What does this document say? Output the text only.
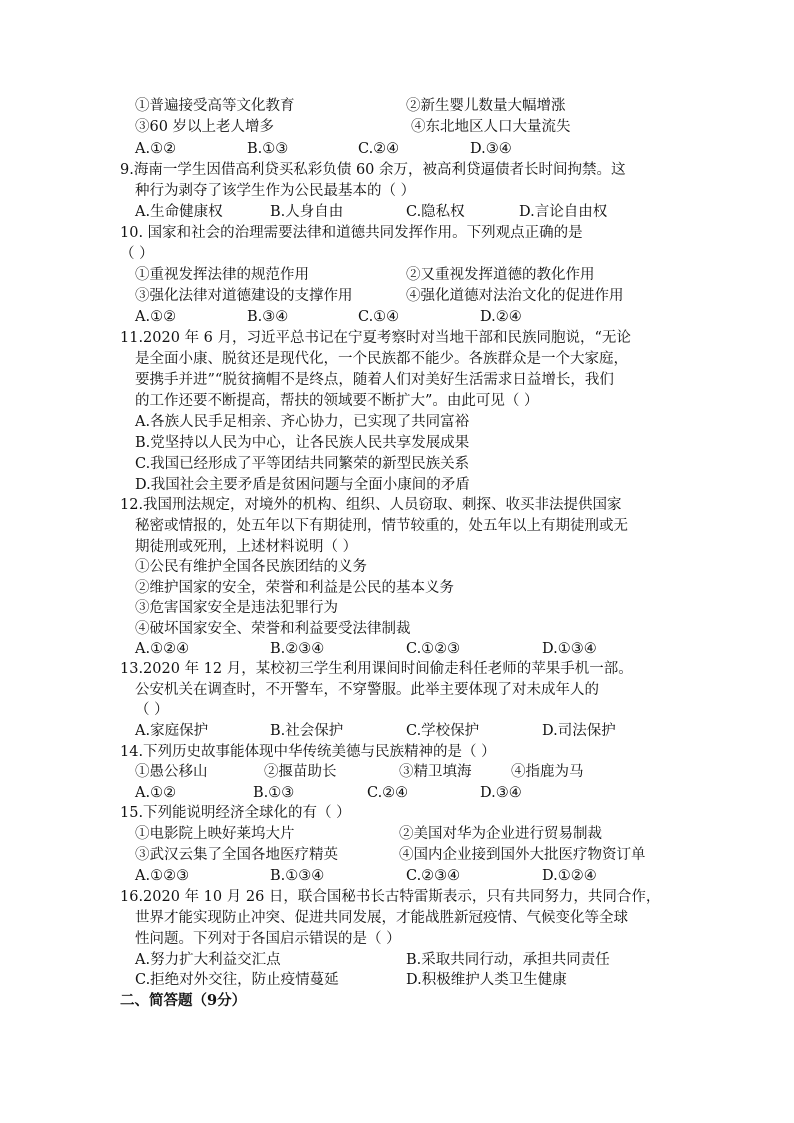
①普遍接受高等文化教育	②新生婴儿数量大幅增涨
③60 岁以上老人增多	④东北地区人口大量流失
A.①②	B.①③	C.②④	D.③④
9.海南一学生因借高利贷买私彩负债 60 余万，被高利贷逼债者长时间拘禁。这
种行为剥夺了该学生作为公民最基本的（ ）
A.生命健康权	B.人身自由	C.隐私权	D.言论自由权
10. 国家和社会的治理需要法律和道德共同发挥作用。下列观点正确的是
（ ）
①重视发挥法律的规范作用	②又重视发挥道德的教化作用
③强化法律对道德建设的支撑作用	④强化道德对法治文化的促进作用
A.①②	B.③④	C.①④	D.②④
11.2020 年 6 月，习近平总书记在宁夏考察时对当地干部和民族同胞说，“无论
是全面小康、脱贫还是现代化，一个民族都不能少。各族群众是一个大家庭，
要携手并进”“脱贫摘帽不是终点，随着人们对美好生活需求日益增长，我们
的工作还要不断提高，帮扶的领域要不断扩大”。由此可见（ ）
A.各族人民手足相亲、齐心协力，已实现了共同富裕
B.党坚持以人民为中心，让各民族人民共享发展成果
C.我国已经形成了平等团结共同繁荣的新型民族关系
D.我国社会主要矛盾是贫困问题与全面小康间的矛盾
12.我国刑法规定，对境外的机构、组织、人员窃取、刺探、收买非法提供国家
秘密或情报的，处五年以下有期徒刑，情节较重的，处五年以上有期徒刑或无
期徒刑或死刑，上述材料说明（ ）
①公民有维护全国各民族团结的义务
②维护国家的安全，荣誉和利益是公民的基本义务
③危害国家安全是违法犯罪行为
④破坏国家安全、荣誉和利益要受法律制裁
A.①②④	B.②③④	C.①②③	D.①③④
13.2020 年 12 月，某校初三学生利用课间时间偷走科任老师的苹果手机一部。
公安机关在调查时，不开警车，不穿警服。此举主要体现了对未成年人的
（ ）
A.家庭保护	B.社会保护	C.学校保护	D.司法保护
14.下列历史故事能体现中华传统美德与民族精神的是（ ）
①愚公移山	②揠苗助长	③精卫填海	④指鹿为马
A.①②	B.①③	C.②④	D.③④
15.下列能说明经济全球化的有（ ）
①电影院上映好莱坞大片	②美国对华为企业进行贸易制裁
③武汉云集了全国各地医疗精英	④国内企业接到国外大批医疗物资订单
A.①②③	B.①③④	C.②③④	D.①②④
16.2020 年 10 月 26 日，联合国秘书长古特雷斯表示，只有共同努力，共同合作，
世界才能实现防止冲突、促进共同发展，才能战胜新冠疫情、气候变化等全球
性问题。下列对于各国启示错误的是（ ）
A.努力扩大利益交汇点	B.采取共同行动，承担共同责任
C.拒绝对外交往，防止疫情蔓延	D.积极维护人类卫生健康
二、简答题（9分）
